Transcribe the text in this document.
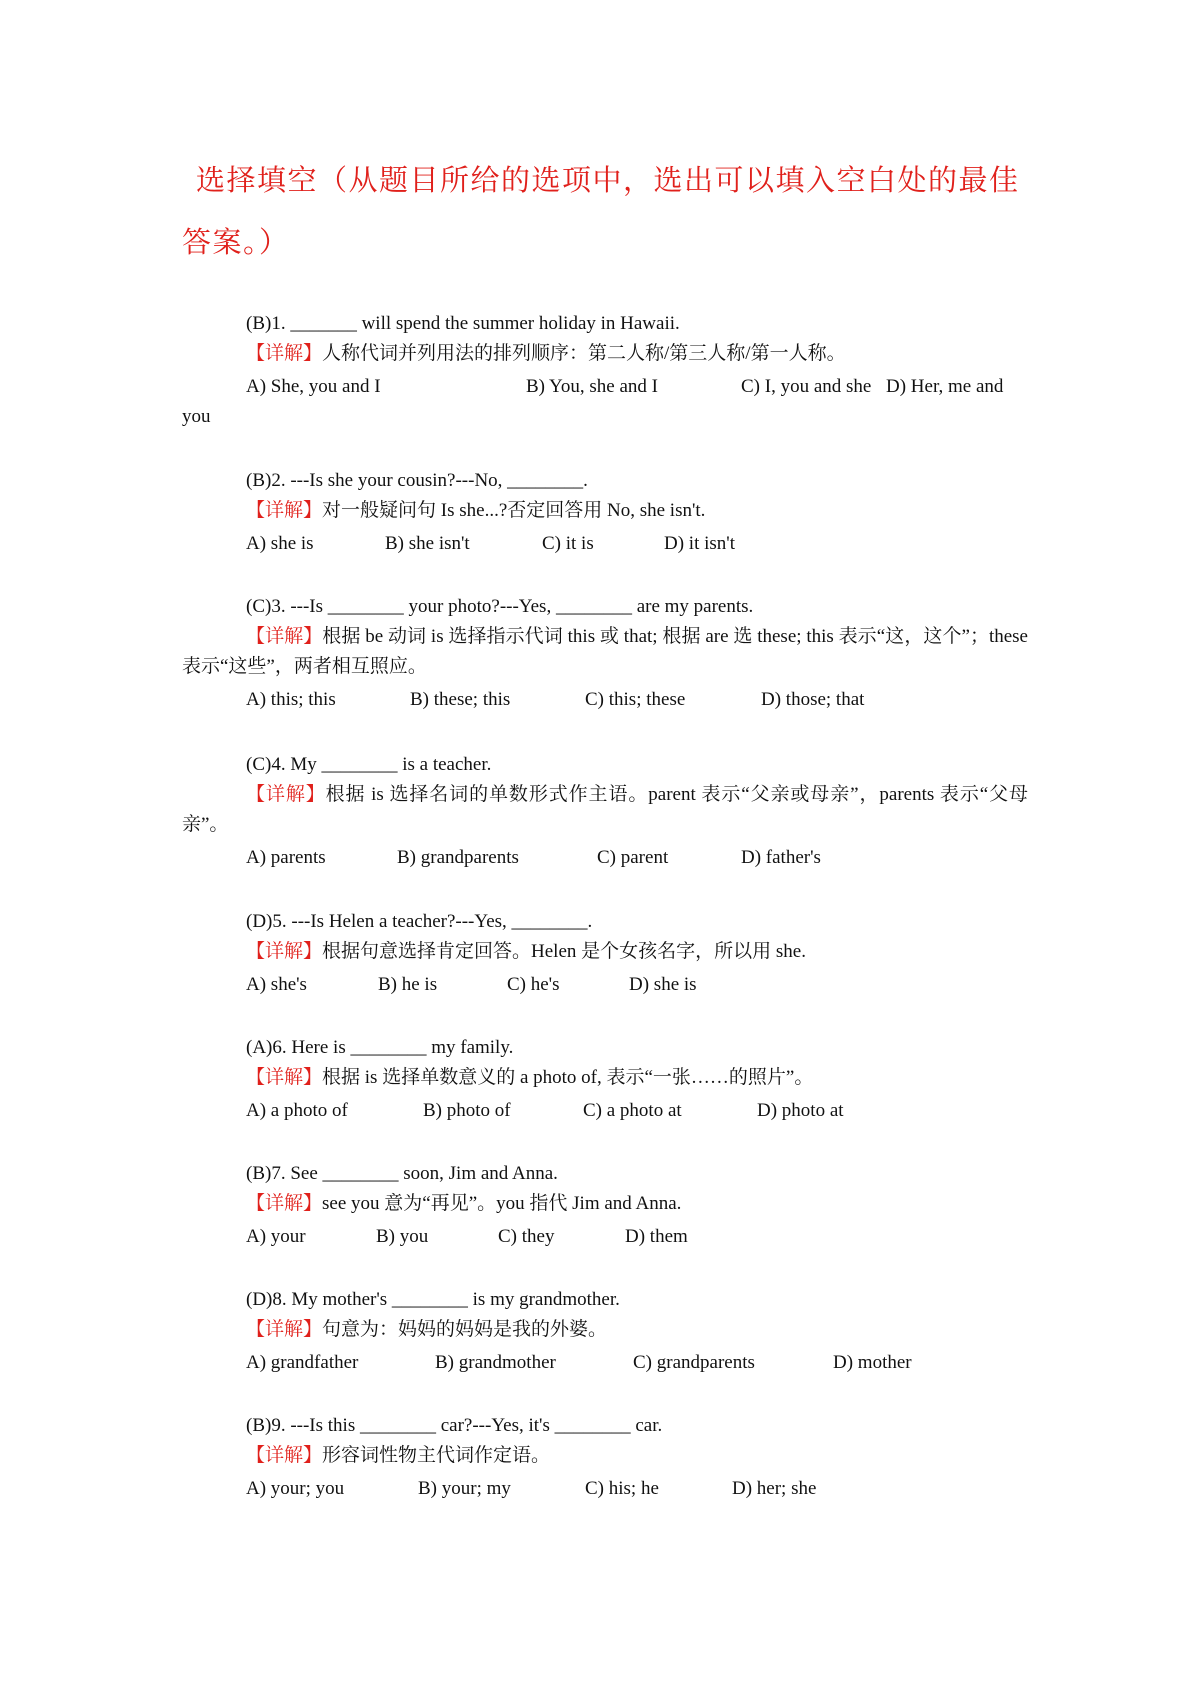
选择填空（从题目所给的选项中，选出可以填入空白处的最佳答案。）
(B)1. _______ will spend the summer holiday in Hawaii.
【详解】人称代词并列用法的排列顺序：第二人称/第三人称/第一人称。
A) She, you and I	B) You, she and I	C) I, you and she D) Her, me and you
(B)2. ---Is she your cousin?---No, ________.
【详解】对一般疑问句 Is she...?否定回答用 No, she isn't.
A) she is	B) she isn't	C) it is	D) it isn't
(C)3. ---Is ________ your photo?---Yes, ________ are my parents.
【详解】根据 be 动词 is 选择指示代词 this 或 that; 根据 are 选 these; this 表示“这，这个”；these 表示“这些”，两者相互照应。
A) this; this	B) these; this	C) this; these	D) those; that
(C)4. My ________ is a teacher.
【详解】根据 is 选择名词的单数形式作主语。parent 表示“父亲或母亲”，parents 表示“父母亲”。
A) parents	B) grandparents	C) parent	D) father's
(D)5. ---Is Helen a teacher?---Yes, ________.
【详解】根据句意选择肯定回答。Helen 是个女孩名字，所以用 she.
A) she's	B) he is	C) he's	D) she is
(A)6. Here is ________ my family.
【详解】根据 is 选择单数意义的 a photo of, 表示“一张……的照片”。
A) a photo of	B) photo of	C) a photo at	D) photo at
(B)7. See ________ soon, Jim and Anna.
【详解】see you 意为“再见”。you 指代 Jim and Anna.
A) your	B) you	C) they	D) them
(D)8. My mother's ________ is my grandmother.
【详解】句意为：妈妈的妈妈是我的外婆。
A) grandfather	B) grandmother	C) grandparents	D) mother
(B)9. ---Is this ________ car?---Yes, it's ________ car.
【详解】形容词性物主代词作定语。
A) your; you	B) your; my	C) his; he	D) her; she
